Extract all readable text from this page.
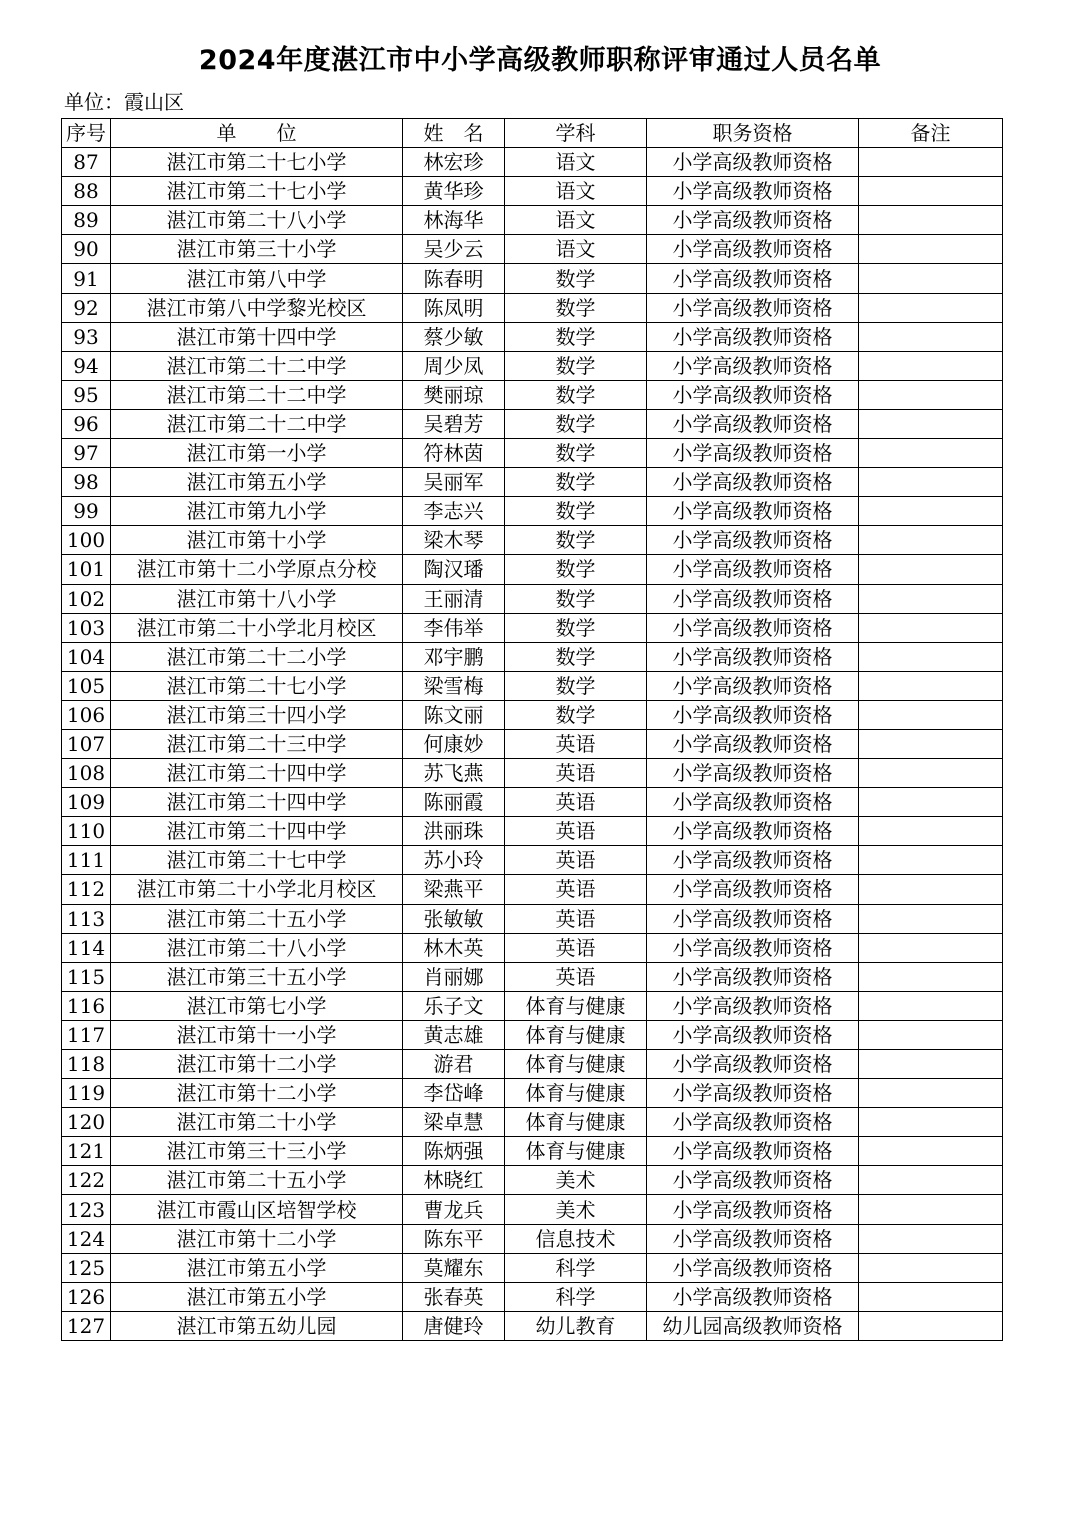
2024年度湛江市中小学高级教师职称评审通过人员名单
单位：霞山区
序号	单　　位	姓　名	学科	职务资格	备注
87	湛江市第二十七小学	林宏珍	语文	小学高级教师资格	
88	湛江市第二十七小学	黄华珍	语文	小学高级教师资格	
89	湛江市第二十八小学	林海华	语文	小学高级教师资格	
90	湛江市第三十小学	吴少云	语文	小学高级教师资格	
91	湛江市第八中学	陈春明	数学	小学高级教师资格	
92	湛江市第八中学黎光校区	陈凤明	数学	小学高级教师资格	
93	湛江市第十四中学	蔡少敏	数学	小学高级教师资格	
94	湛江市第二十二中学	周少凤	数学	小学高级教师资格	
95	湛江市第二十二中学	樊丽琼	数学	小学高级教师资格	
96	湛江市第二十二中学	吴碧芳	数学	小学高级教师资格	
97	湛江市第一小学	符林茵	数学	小学高级教师资格	
98	湛江市第五小学	吴丽军	数学	小学高级教师资格	
99	湛江市第九小学	李志兴	数学	小学高级教师资格	
100	湛江市第十小学	梁木琴	数学	小学高级教师资格	
101	湛江市第十二小学原点分校	陶汉璠	数学	小学高级教师资格	
102	湛江市第十八小学	王丽清	数学	小学高级教师资格	
103	湛江市第二十小学北月校区	李伟举	数学	小学高级教师资格	
104	湛江市第二十二小学	邓宇鹏	数学	小学高级教师资格	
105	湛江市第二十七小学	梁雪梅	数学	小学高级教师资格	
106	湛江市第三十四小学	陈文丽	数学	小学高级教师资格	
107	湛江市第二十三中学	何康妙	英语	小学高级教师资格	
108	湛江市第二十四中学	苏飞燕	英语	小学高级教师资格	
109	湛江市第二十四中学	陈丽霞	英语	小学高级教师资格	
110	湛江市第二十四中学	洪丽珠	英语	小学高级教师资格	
111	湛江市第二十七中学	苏小玲	英语	小学高级教师资格	
112	湛江市第二十小学北月校区	梁燕平	英语	小学高级教师资格	
113	湛江市第二十五小学	张敏敏	英语	小学高级教师资格	
114	湛江市第二十八小学	林木英	英语	小学高级教师资格	
115	湛江市第三十五小学	肖丽娜	英语	小学高级教师资格	
116	湛江市第七小学	乐子文	体育与健康	小学高级教师资格	
117	湛江市第十一小学	黄志雄	体育与健康	小学高级教师资格	
118	湛江市第十二小学	游君	体育与健康	小学高级教师资格	
119	湛江市第十二小学	李岱峰	体育与健康	小学高级教师资格	
120	湛江市第二十小学	梁卓慧	体育与健康	小学高级教师资格	
121	湛江市第三十三小学	陈炳强	体育与健康	小学高级教师资格	
122	湛江市第二十五小学	林晓红	美术	小学高级教师资格	
123	湛江市霞山区培智学校	曹龙兵	美术	小学高级教师资格	
124	湛江市第十二小学	陈东平	信息技术	小学高级教师资格	
125	湛江市第五小学	莫耀东	科学	小学高级教师资格	
126	湛江市第五小学	张春英	科学	小学高级教师资格	
127	湛江市第五幼儿园	唐健玲	幼儿教育	幼儿园高级教师资格	
